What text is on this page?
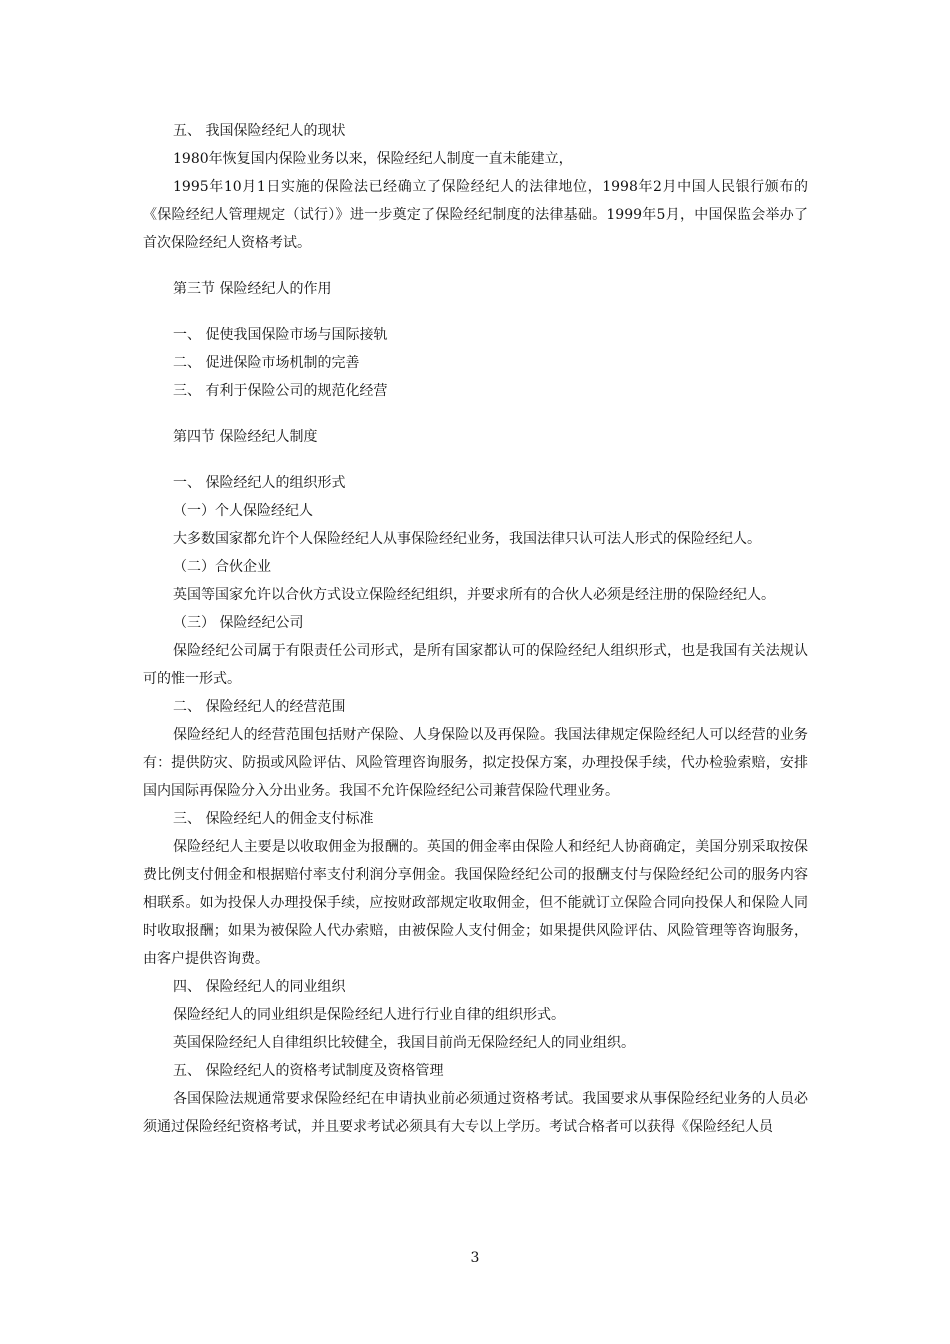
五、 我国保险经纪人的现状

1980年恢复国内保险业务以来，保险经纪人制度一直未能建立，

1995年10月1日实施的保险法已经确立了保险经纪人的法律地位，1998年2月中国人民银行颁布的《保险经纪人管理规定（试行）》进一步奠定了保险经纪制度的法律基础。1999年5月，中国保监会举办了首次保险经纪人资格考试。

第三节 保险经纪人的作用
一、 促使我国保险市场与国际接轨
二、 促进保险市场机制的完善
三、 有利于保险公司的规范化经营
第四节 保险经纪人制度
一、 保险经纪人的组织形式
（一）个人保险经纪人

大多数国家都允许个人保险经纪人从事保险经纪业务，我国法律只认可法人形式的保险经纪人。

（二）合伙企业

英国等国家允许以合伙方式设立保险经纪组织，并要求所有的合伙人必须是经注册的保险经纪人。

（三） 保险经纪公司

保险经纪公司属于有限责任公司形式，是所有国家都认可的保险经纪人组织形式，也是我国有关法规认可的惟一形式。

二、 保险经纪人的经营范围

保险经纪人的经营范围包括财产保险、人身保险以及再保险。我国法律规定保险经纪人可以经营的业务有：提供防灾、防损或风险评估、风险管理咨询服务，拟定投保方案，办理投保手续，代办检验索赔，安排国内国际再保险分入分出业务。我国不允许保险经纪公司兼营保险代理业务。

三、 保险经纪人的佣金支付标准

保险经纪人主要是以收取佣金为报酬的。英国的佣金率由保险人和经纪人协商确定，美国分别采取按保费比例支付佣金和根据赔付率支付利润分享佣金。我国保险经纪公司的报酬支付与保险经纪公司的服务内容相联系。如为投保人办理投保手续，应按财政部规定收取佣金，但不能就订立保险合同向投保人和保险人同时收取报酬；如果为被保险人代办索赔，由被保险人支付佣金；如果提供风险评估、风险管理等咨询服务，由客户提供咨询费。

四、 保险经纪人的同业组织

保险经纪人的同业组织是保险经纪人进行行业自律的组织形式。

英国保险经纪人自律组织比较健全，我国目前尚无保险经纪人的同业组织。

五、 保险经纪人的资格考试制度及资格管理

各国保险法规通常要求保险经纪在申请执业前必须通过资格考试。我国要求从事保险经纪业务的人员必须通过保险经纪资格考试，并且要求考试必须具有大专以上学历。考试合格者可以获得《保险经纪人员

3
